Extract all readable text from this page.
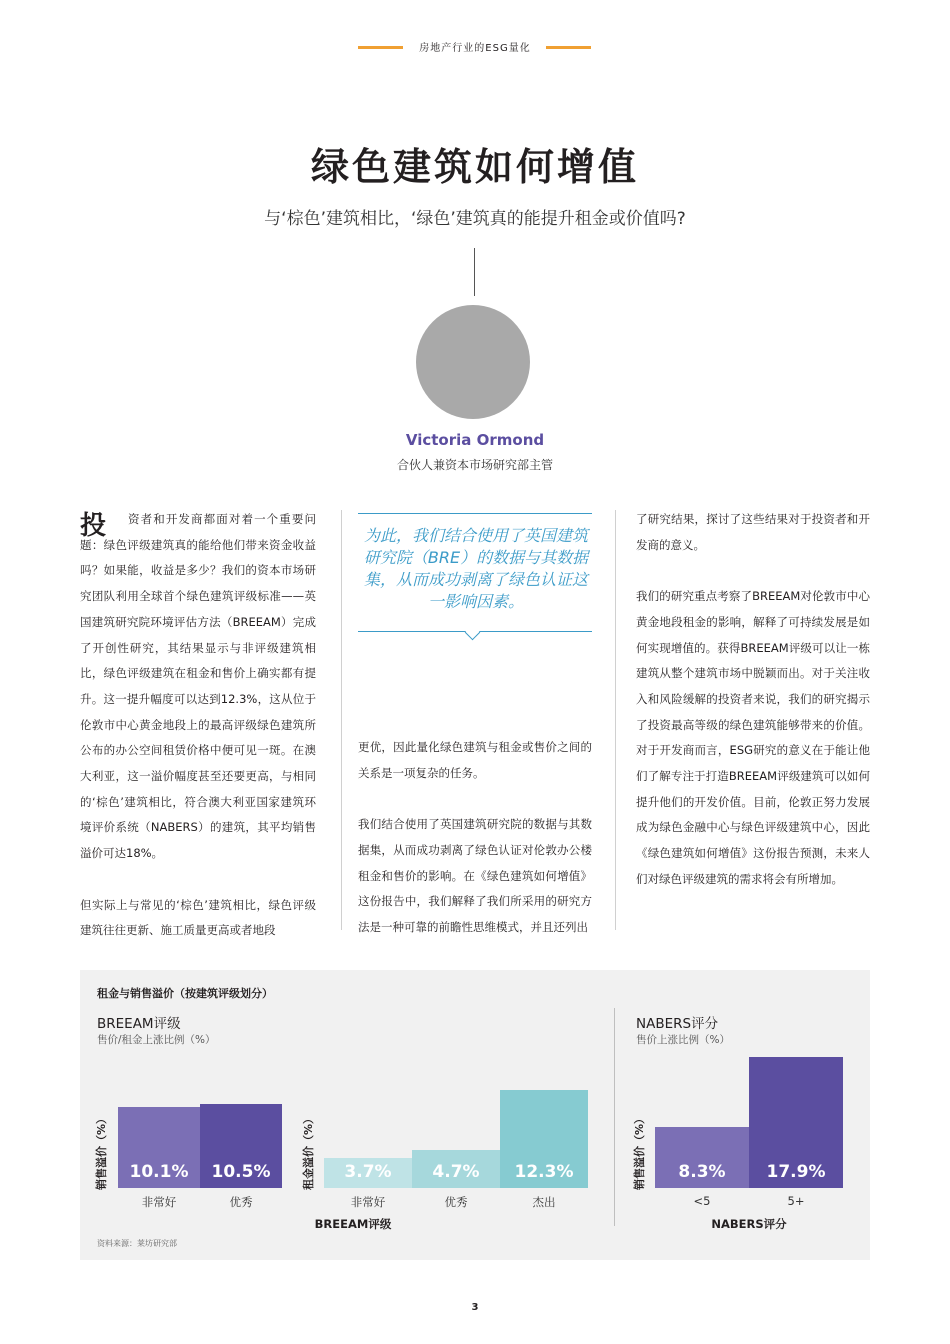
房地产行业的ESG量化
绿色建筑如何增值
与‘棕色’建筑相比，‘绿色’建筑真的能提升租金或价值吗?
Victoria Ormond
合伙人兼资本市场研究部主管
投	资者和开发商都面对着一个重要问题：绿色评级建筑真的能给他们带来资金收益吗？如果能，收益是多少？我们的资本市场研究团队利用全球首个绿色建筑评级标准——英国建筑研究院环境评估方法（BREEAM）完成了开创性研究，其结果显示与非评级建筑相比，绿色评级建筑在租金和售价上确实都有提升。这一提升幅度可以达到12.3%，这从位于伦敦市中心黄金地段上的最高评级绿色建筑所公布的办公空间租赁价格中便可见一斑。在澳大利亚，这一溢价幅度甚至还要更高，与相同的‘棕色’建筑相比，符合澳大利亚国家建筑环境评价系统（NABERS）的建筑，其平均销售溢价可达18%。

但实际上与常见的‘棕色’建筑相比，绿色评级建筑往往更新、施工质量更高或者地段

为此，我们结合使用了英国建筑研究院（BRE）的数据与其数据集，从而成功剥离了绿色认证这一影响因素。

更优，因此量化绿色建筑与租金或售价之间的关系是一项复杂的任务。

我们结合使用了英国建筑研究院的数据与其数据集，从而成功剥离了绿色认证对伦敦办公楼租金和售价的影响。在《绿色建筑如何增值》这份报告中，我们解释了我们所采用的研究方法是一种可靠的前瞻性思维模式，并且还列出

了研究结果，探讨了这些结果对于投资者和开发商的意义。

我们的研究重点考察了BREEAM对伦敦市中心黄金地段租金的影响，解释了可持续发展是如何实现增值的。获得BREEAM评级可以让一栋建筑从整个建筑市场中脱颖而出。对于关注收入和风险缓解的投资者来说，我们的研究揭示了投资最高等级的绿色建筑能够带来的价值。对于开发商而言，ESG研究的意义在于能让他们了解专注于打造BREEAM评级建筑可以如何提升他们的开发价值。目前，伦敦正努力发展成为绿色金融中心与绿色评级建筑中心，因此《绿色建筑如何增值》这份报告预测，未来人们对绿色评级建筑的需求将会有所增加。

租金与销售溢价（按建筑评级划分）
BREEAM评级
售价/租金上涨比例（%）
NABERS评分
售价上涨比例（%）
销售溢价（%）	10.1%
非常好
10.5%
优秀
租金溢价（%）	3.7%
非常好
4.7%
优秀
12.3%
杰出
BREEAM评级
销售溢价（%）	8.3%
<5
17.9%
5+
NABERS评分
资料来源：莱坊研究部
3
